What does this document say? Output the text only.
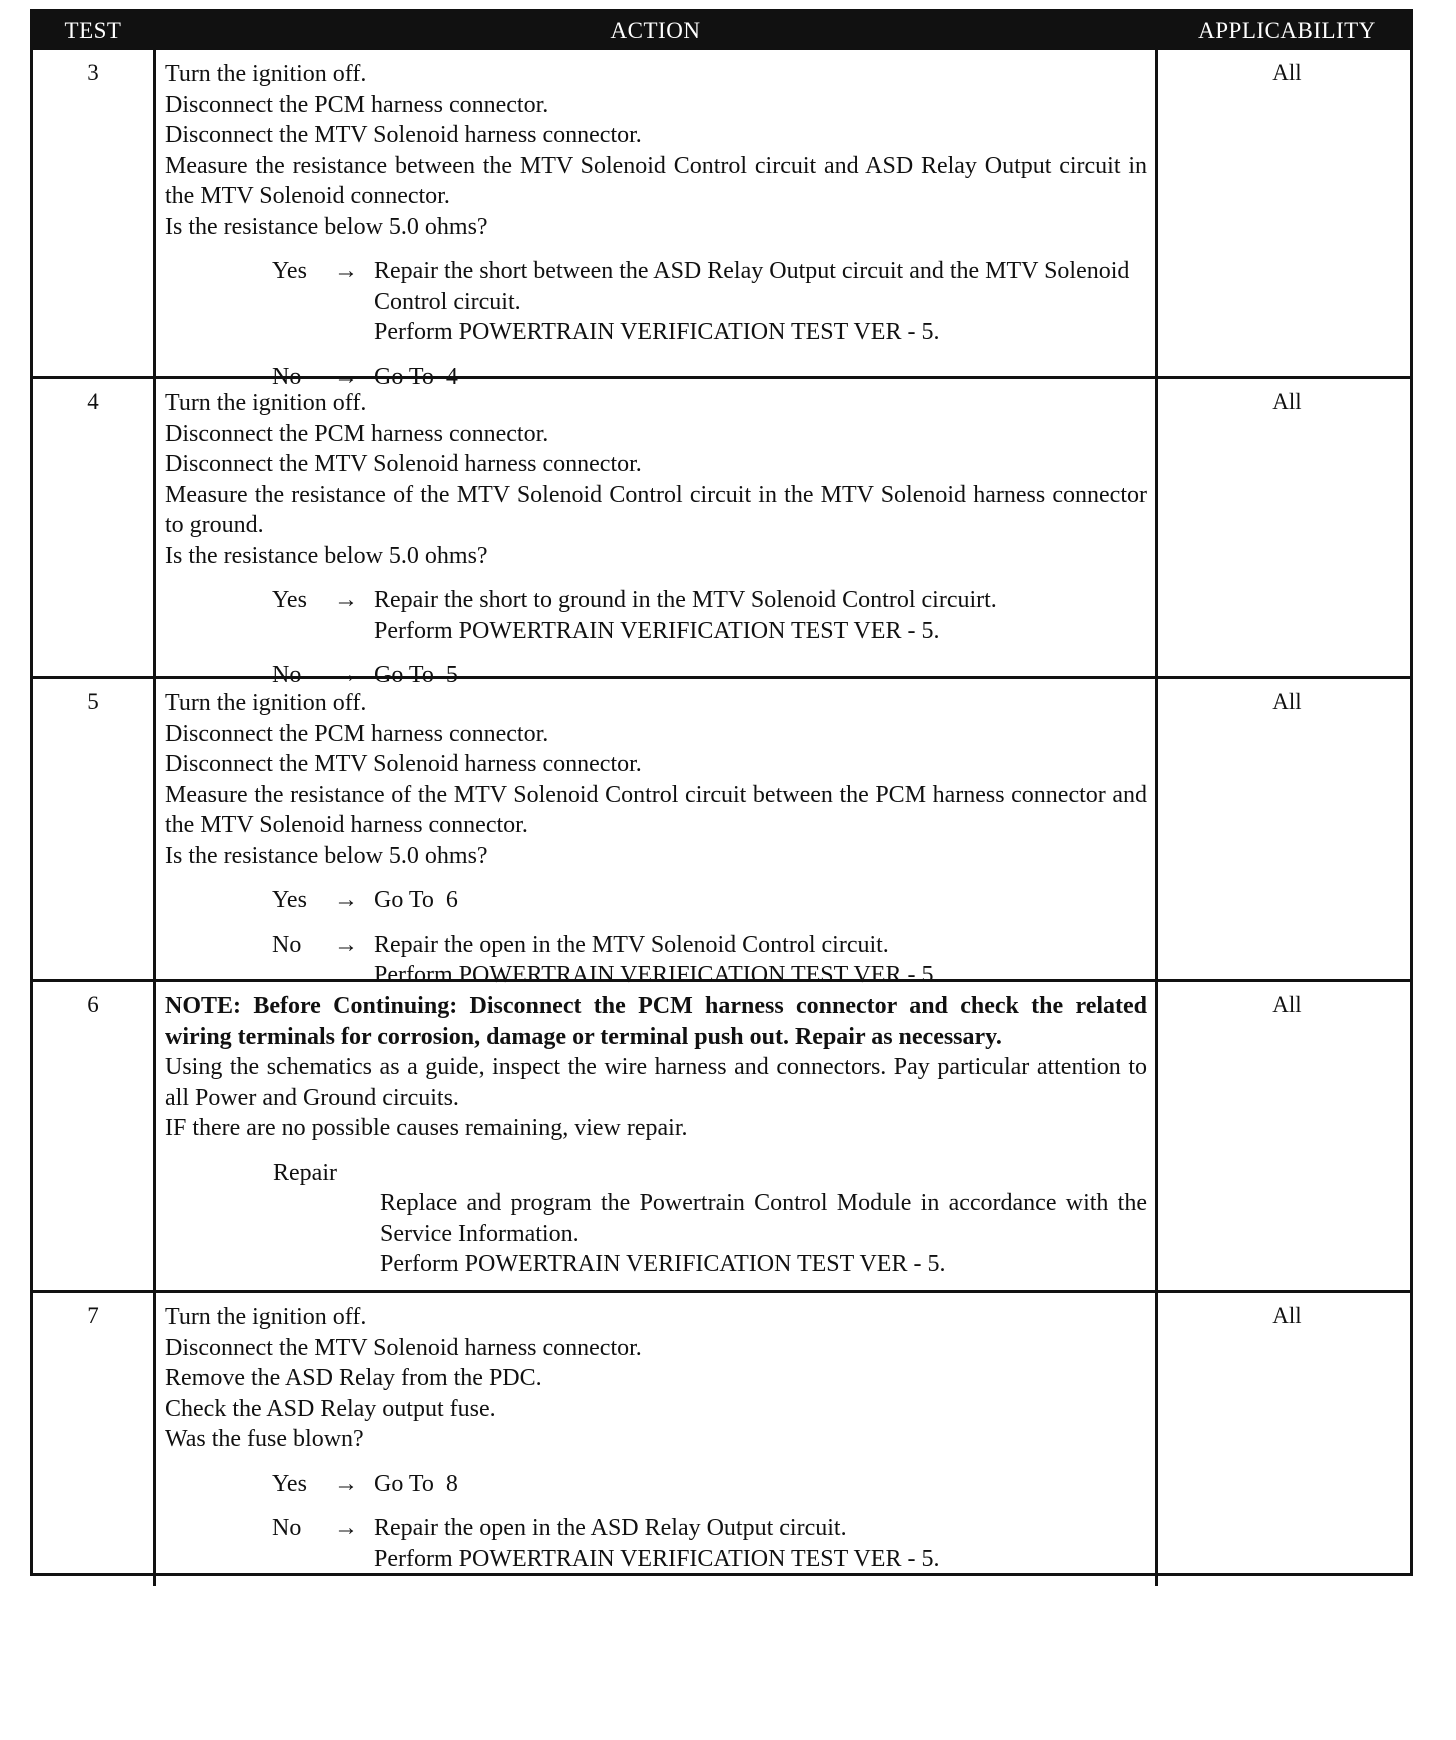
TEST	ACTION	APPLICABILITY
3	Turn the ignition off.
Disconnect the PCM harness connector.
Disconnect the MTV Solenoid harness connector.
Measure the resistance between the MTV Solenoid Control circuit and ASD Relay Output circuit in the MTV Solenoid connector.
Is the resistance below 5.0 ohms?
Yes	→ Repair the short between the ASD Relay Output circuit and the MTV Solenoid Control circuit.
Perform POWERTRAIN VERIFICATION TEST VER - 5.
No	→ Go To  4
All
4	Turn the ignition off.
Disconnect the PCM harness connector.
Disconnect the MTV Solenoid harness connector.
Measure the resistance of the MTV Solenoid Control circuit in the MTV Solenoid harness connector to ground.
Is the resistance below 5.0 ohms?
Yes	→ Repair the short to ground in the MTV Solenoid Control circuirt.
Perform POWERTRAIN VERIFICATION TEST VER - 5.
No	→ Go To  5
All
5	Turn the ignition off.
Disconnect the PCM harness connector.
Disconnect the MTV Solenoid harness connector.
Measure the resistance of the MTV Solenoid Control circuit between the PCM harness connector and the MTV Solenoid harness connector.
Is the resistance below 5.0 ohms?
Yes	→ Go To  6
No	→ Repair the open in the MTV Solenoid Control circuit.
Perform POWERTRAIN VERIFICATION TEST VER - 5.
All
6	NOTE: Before Continuing: Disconnect the PCM harness connector and check the related wiring terminals for corrosion, damage or terminal push out. Repair as necessary.
Using the schematics as a guide, inspect the wire harness and connectors. Pay particular attention to all Power and Ground circuits.
IF there are no possible causes remaining, view repair.
Repair
Replace and program the Powertrain Control Module in accordance with the Service Information.
Perform POWERTRAIN VERIFICATION TEST VER - 5.
All
7	Turn the ignition off.
Disconnect the MTV Solenoid harness connector.
Remove the ASD Relay from the PDC.
Check the ASD Relay output fuse.
Was the fuse blown?
Yes	→ Go To  8
No	→ Repair the open in the ASD Relay Output circuit.
Perform POWERTRAIN VERIFICATION TEST VER - 5.
All
